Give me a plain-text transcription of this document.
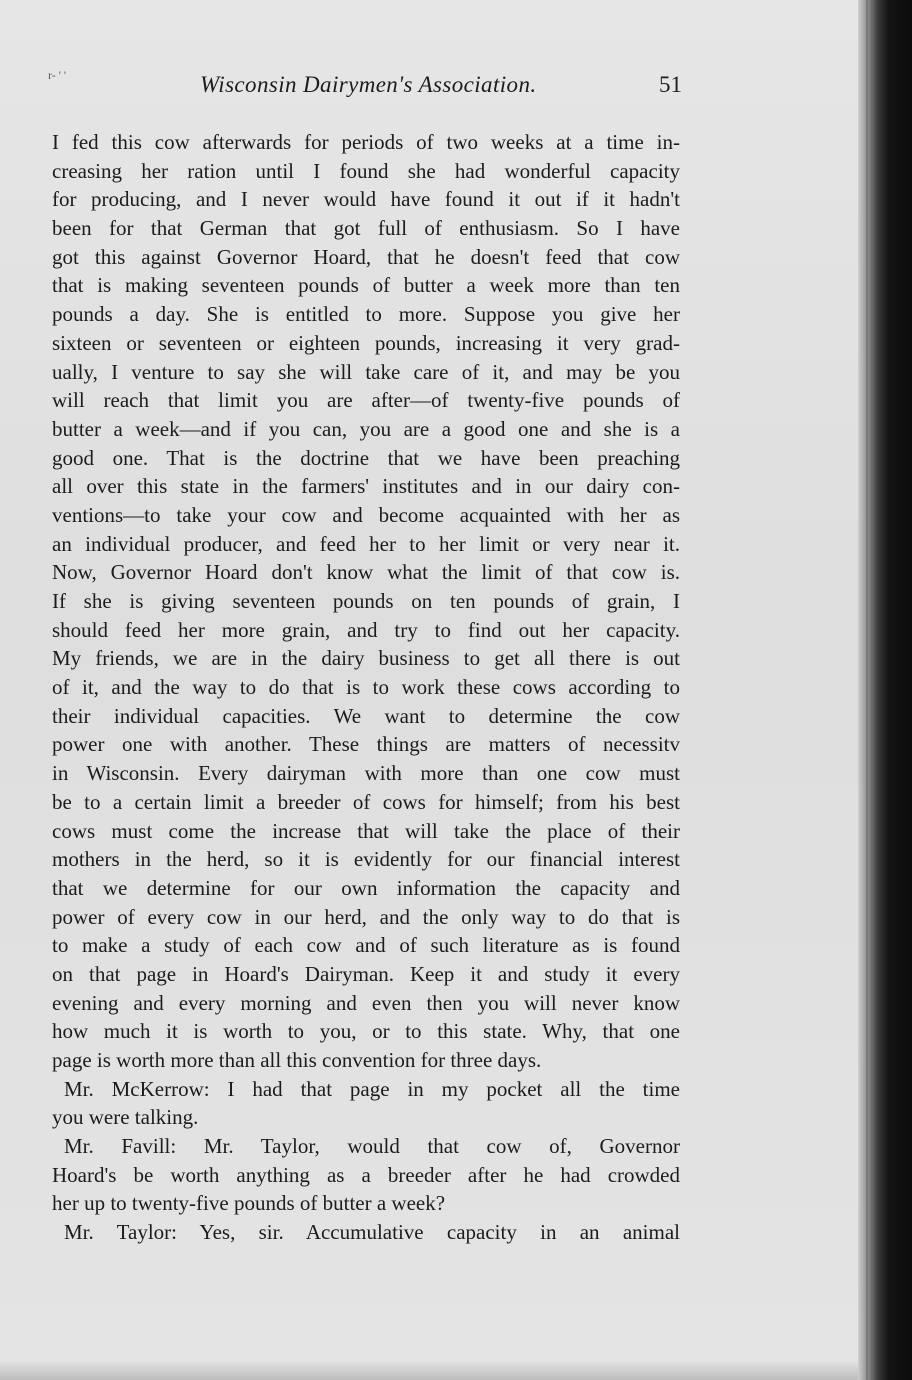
r- ' '	Wisconsin Dairymen's Association.	51
I fed this cow afterwards for periods of two weeks at a time in-
creasing her ration until I found she had wonderful capacity
for producing, and I never would have found it out if it hadn't
been for that German that got full of enthusiasm. So I have
got this against Governor Hoard, that he doesn't feed that cow
that is making seventeen pounds of butter a week more than ten
pounds a day. She is entitled to more. Suppose you give her
sixteen or seventeen or eighteen pounds, increasing it very grad-
ually, I venture to say she will take care of it, and may be you
will reach that limit you are after—of twenty-five pounds of
butter a week—and if you can, you are a good one and she is a
good one. That is the doctrine that we have been preaching
all over this state in the farmers' institutes and in our dairy con-
ventions—to take your cow and become acquainted with her as
an individual producer, and feed her to her limit or very near it.
Now, Governor Hoard don't know what the limit of that cow is.
If she is giving seventeen pounds on ten pounds of grain, I
should feed her more grain, and try to find out her capacity.
My friends, we are in the dairy business to get all there is out
of it, and the way to do that is to work these cows according to
their individual capacities. We want to determine the cow
power one with another. These things are matters of necessitv
in Wisconsin. Every dairyman with more than one cow must
be to a certain limit a breeder of cows for himself; from his best
cows must come the increase that will take the place of their
mothers in the herd, so it is evidently for our financial interest
that we determine for our own information the capacity and
power of every cow in our herd, and the only way to do that is
to make a study of each cow and of such literature as is found
on that page in Hoard's Dairyman. Keep it and study it every
evening and every morning and even then you will never know
how much it is worth to you, or to this state. Why, that one
page is worth more than all this convention for three days.
Mr. McKerrow: I had that page in my pocket all the time
you were talking.
Mr. Favill: Mr. Taylor, would that cow of, Governor
Hoard's be worth anything as a breeder after he had crowded
her up to twenty-five pounds of butter a week?
Mr. Taylor: Yes, sir. Accumulative capacity in an animal
